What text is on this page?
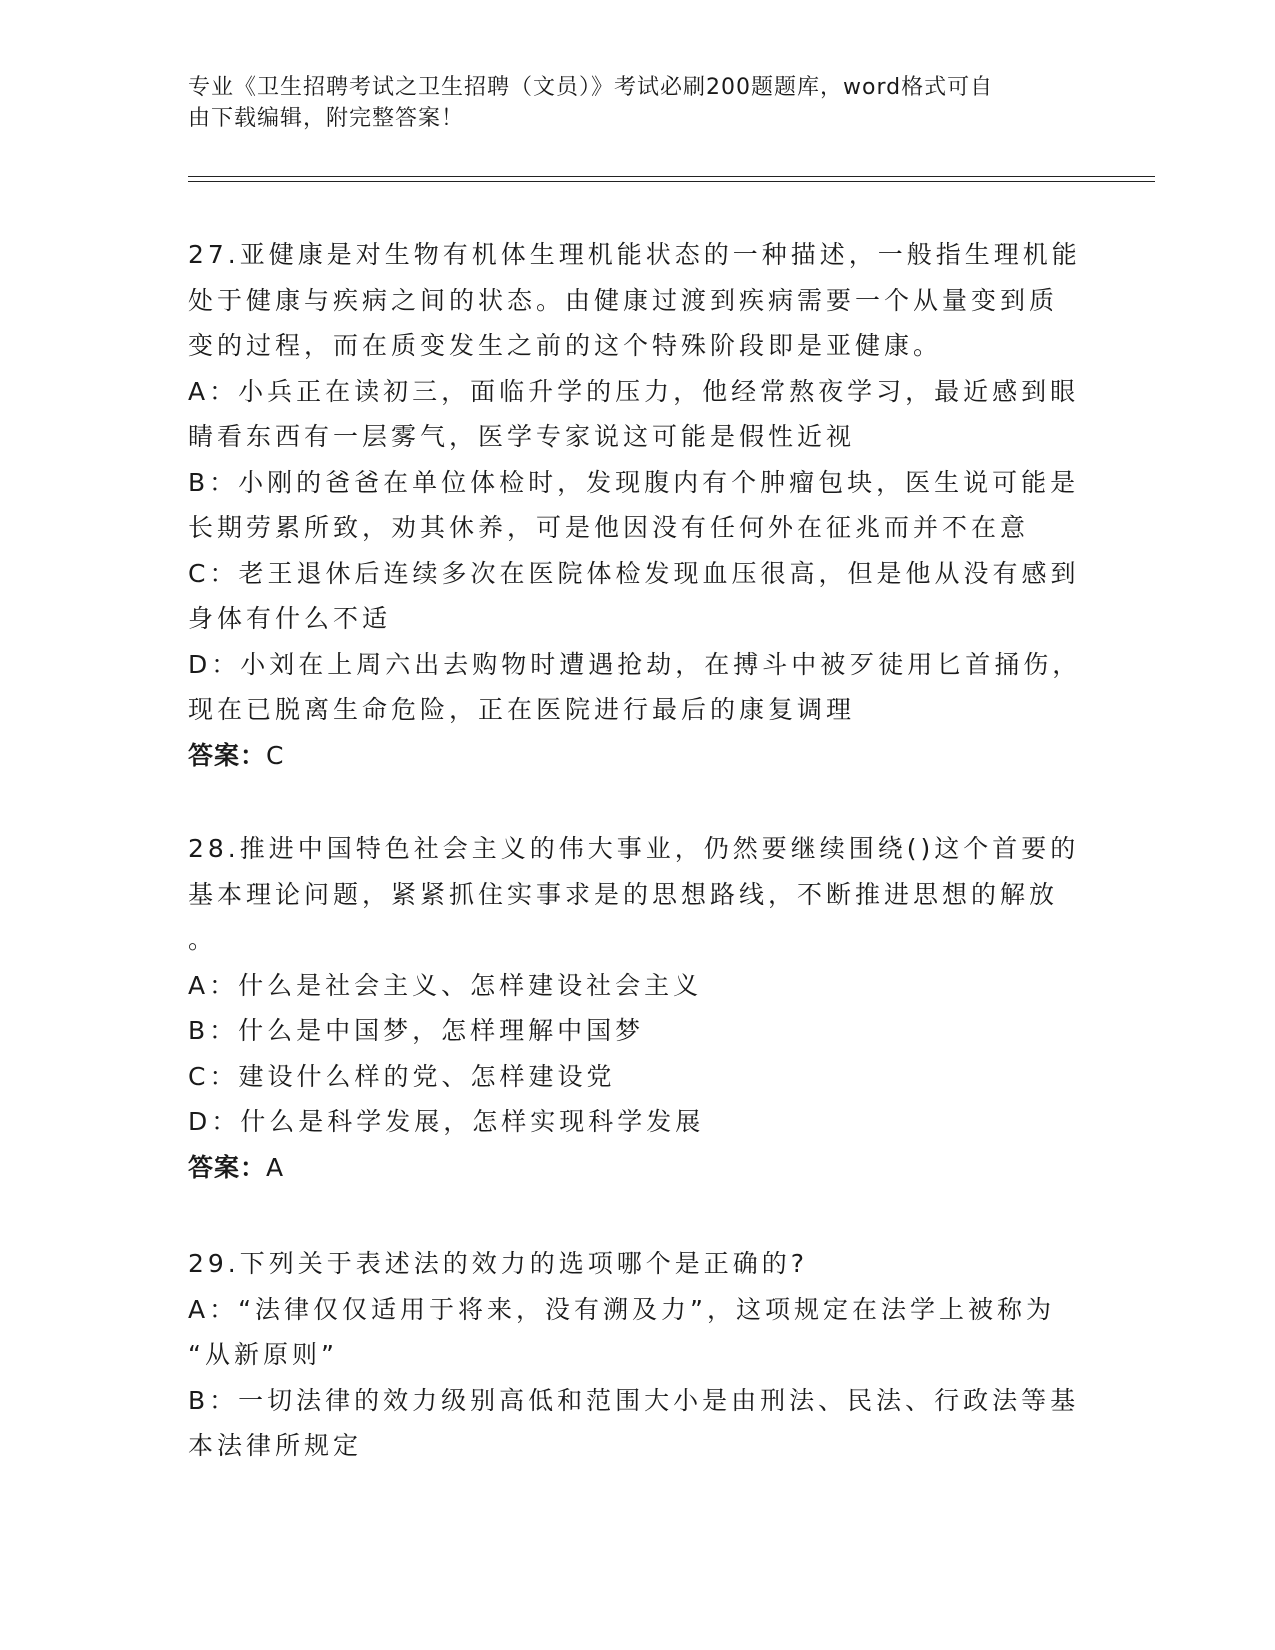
专业《卫生招聘考试之卫生招聘（文员）》考试必刷200题题库，word格式可自
由下载编辑，附完整答案！

27.亚健康是对生物有机体生理机能状态的一种描述，一般指生理机能

处于健康与疾病之间的状态。由健康过渡到疾病需要一个从量变到质

变的过程，而在质变发生之前的这个特殊阶段即是亚健康。

A：小兵正在读初三，面临升学的压力，他经常熬夜学习，最近感到眼

睛看东西有一层雾气，医学专家说这可能是假性近视

B：小刚的爸爸在单位体检时，发现腹内有个肿瘤包块，医生说可能是

长期劳累所致，劝其休养，可是他因没有任何外在征兆而并不在意

C：老王退休后连续多次在医院体检发现血压很高，但是他从没有感到

身体有什么不适

D：小刘在上周六出去购物时遭遇抢劫，在搏斗中被歹徒用匕首捅伤，

现在已脱离生命危险，正在医院进行最后的康复调理

答案：C

28.推进中国特色社会主义的伟大事业，仍然要继续围绕()这个首要的

基本理论问题，紧紧抓住实事求是的思想路线，不断推进思想的解放

。

A：什么是社会主义、怎样建设社会主义

B：什么是中国梦，怎样理解中国梦

C：建设什么样的党、怎样建设党

D：什么是科学发展，怎样实现科学发展

答案：A

29.下列关于表述法的效力的选项哪个是正确的?

A：“法律仅仅适用于将来，没有溯及力”，这项规定在法学上被称为

“从新原则”

B：一切法律的效力级别高低和范围大小是由刑法、民法、行政法等基

本法律所规定
